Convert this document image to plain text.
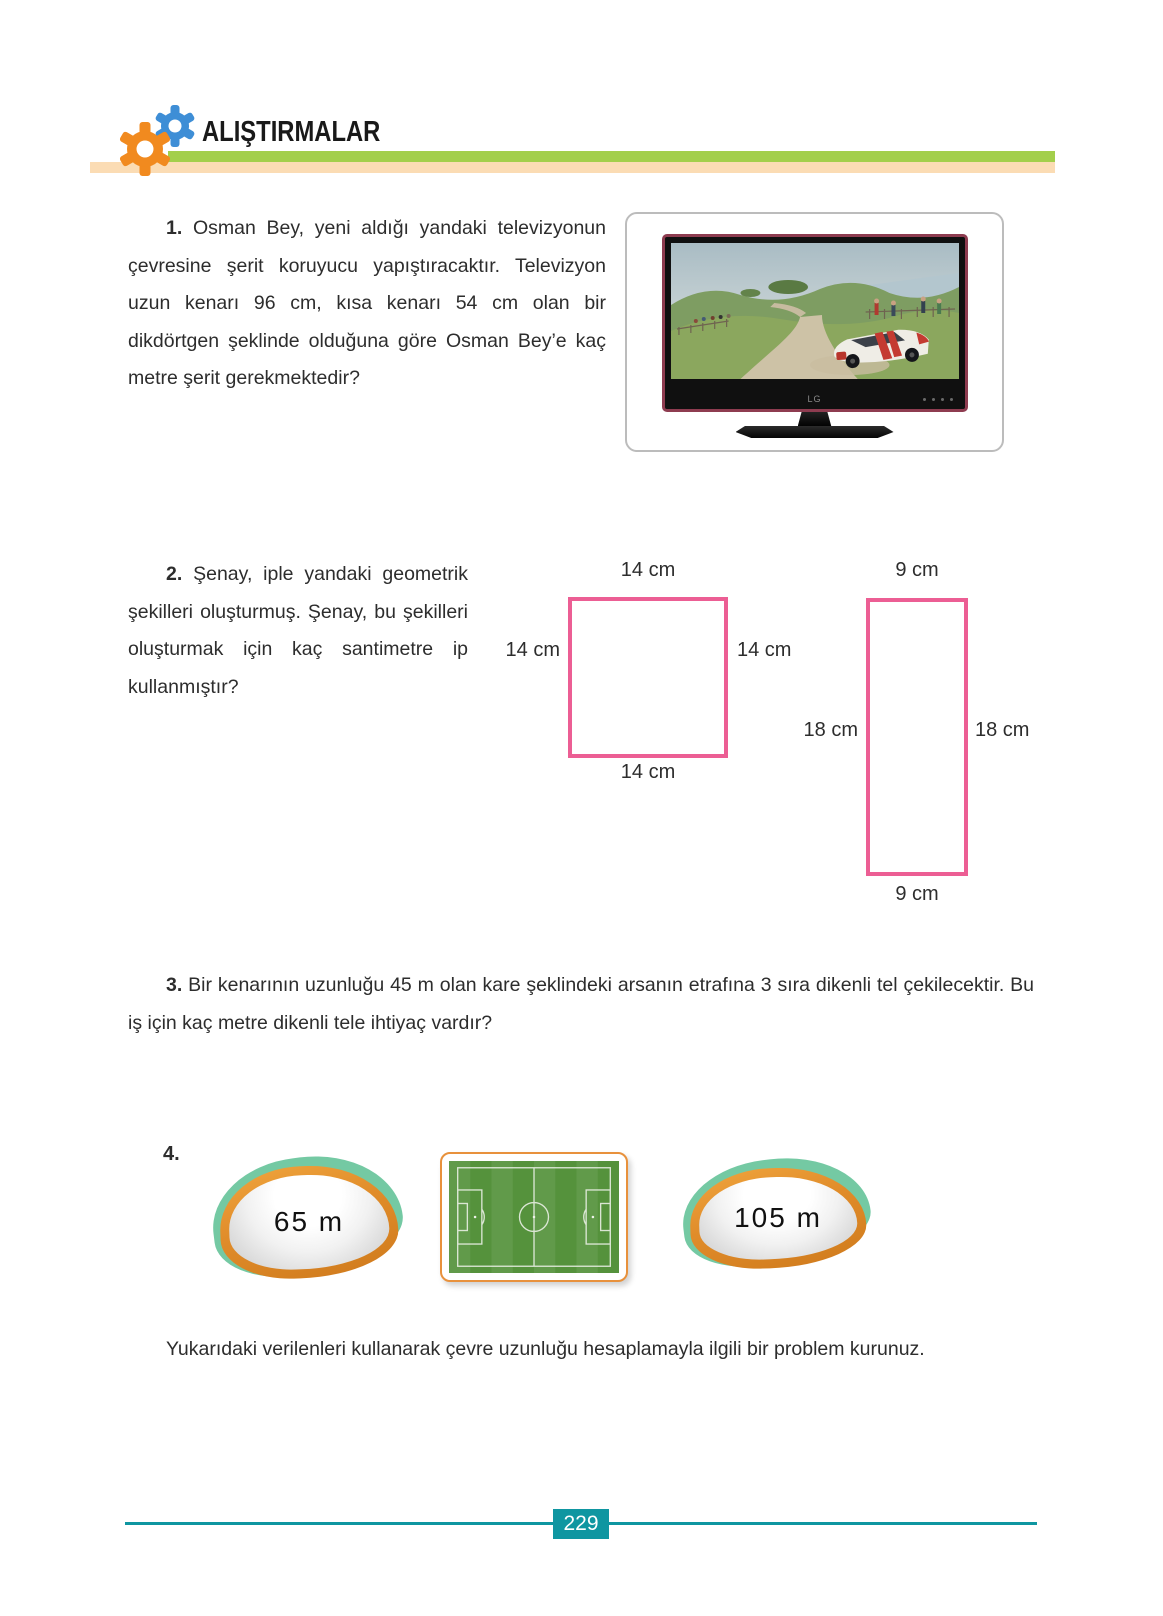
ALIŞTIRMALAR

1. Osman Bey, yeni aldığı yandaki televizyonun çevresine şerit koruyucu yapıştıracaktır. Televizyon uzun kenarı 96 cm, kısa kenarı 54 cm olan bir dikdörtgen şeklinde olduğuna göre Osman Bey’e kaç metre şerit gerekmektedir?

LG

2. Şenay, iple yandaki geometrik şekilleri oluşturmuş. Şenay, bu şekilleri oluşturmak için kaç santimetre ip kullanmıştır?

14 cm
14 cm	14 cm
14 cm
9 cm
18 cm	18 cm
9 cm

3. Bir kenarının uzunluğu 45 m olan kare şeklindeki arsanın etrafına 3 sıra dikenli tel çekilecektir. Bu iş için kaç metre dikenli tele ihtiyaç vardır?

4.
65 m	105 m

Yukarıdaki verilenleri kullanarak çevre uzunluğu hesaplamayla ilgili bir problem kurunuz.

229
